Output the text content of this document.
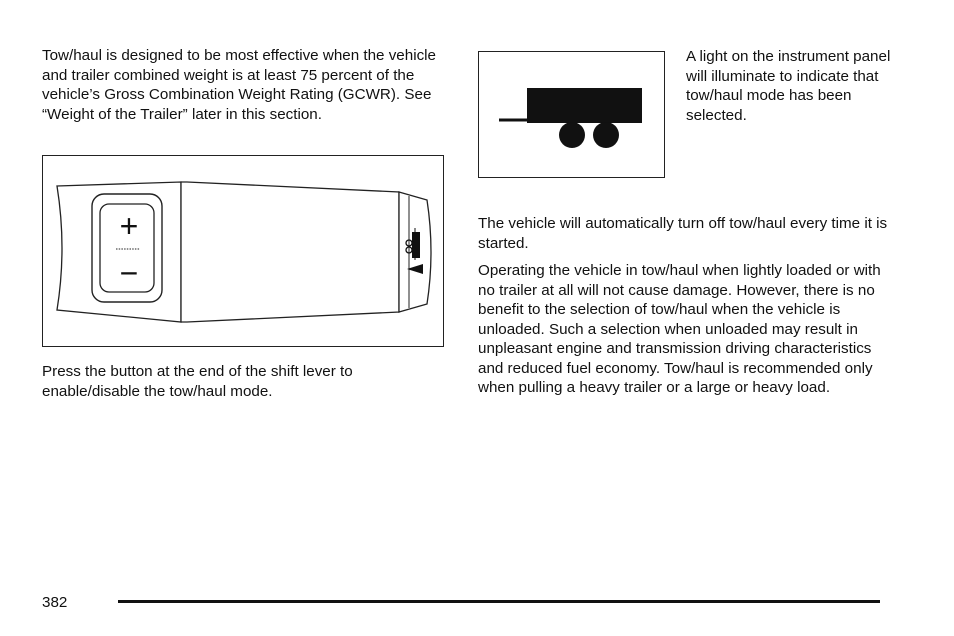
Tow/haul is designed to be most effective when the vehicle and trailer combined weight is at least 75 percent of the vehicle’s Gross Combination Weight Rating (GCWR). See “Weight of the Trailer” later in this section.

+
−

Press the button at the end of the shift lever to enable/disable the tow/haul mode.

A light on the instrument panel will illuminate to indicate that tow/haul mode has been selected.

The vehicle will automatically turn off tow/haul every time it is started.

Operating the vehicle in tow/haul when lightly loaded or with no trailer at all will not cause damage. However, there is no benefit to the selection of tow/haul when the vehicle is unloaded. Such a selection when unloaded may result in unpleasant engine and transmission driving characteristics and reduced fuel economy. Tow/haul is recommended only when pulling a heavy trailer or a large or heavy load.

382
